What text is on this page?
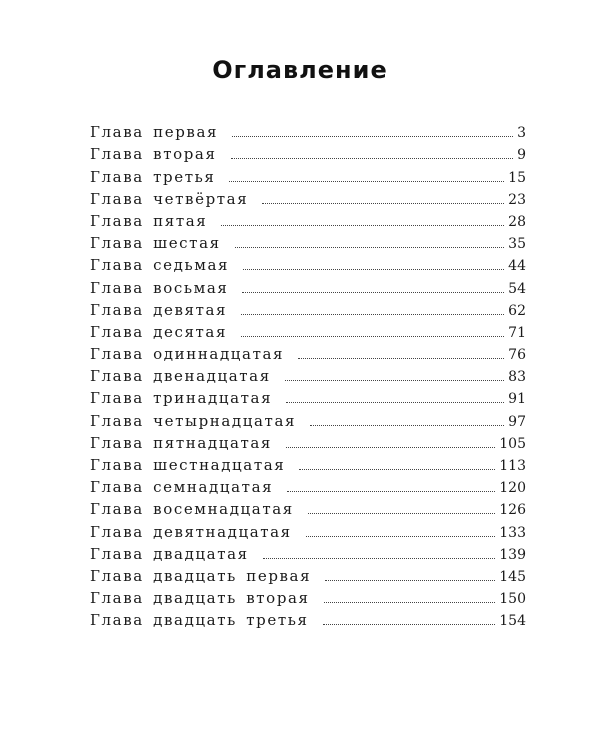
Оглавление
Глава первая	3
Глава вторая	9
Глава третья	15
Глава четвёртая	23
Глава пятая	28
Глава шестая	35
Глава седьмая	44
Глава восьмая	54
Глава девятая	62
Глава десятая	71
Глава одиннадцатая	76
Глава двенадцатая	83
Глава тринадцатая	91
Глава четырнадцатая	97
Глава пятнадцатая	105
Глава шестнадцатая	113
Глава семнадцатая	120
Глава восемнадцатая	126
Глава девятнадцатая	133
Глава двадцатая	139
Глава двадцать первая	145
Глава двадцать вторая	150
Глава двадцать третья	154
